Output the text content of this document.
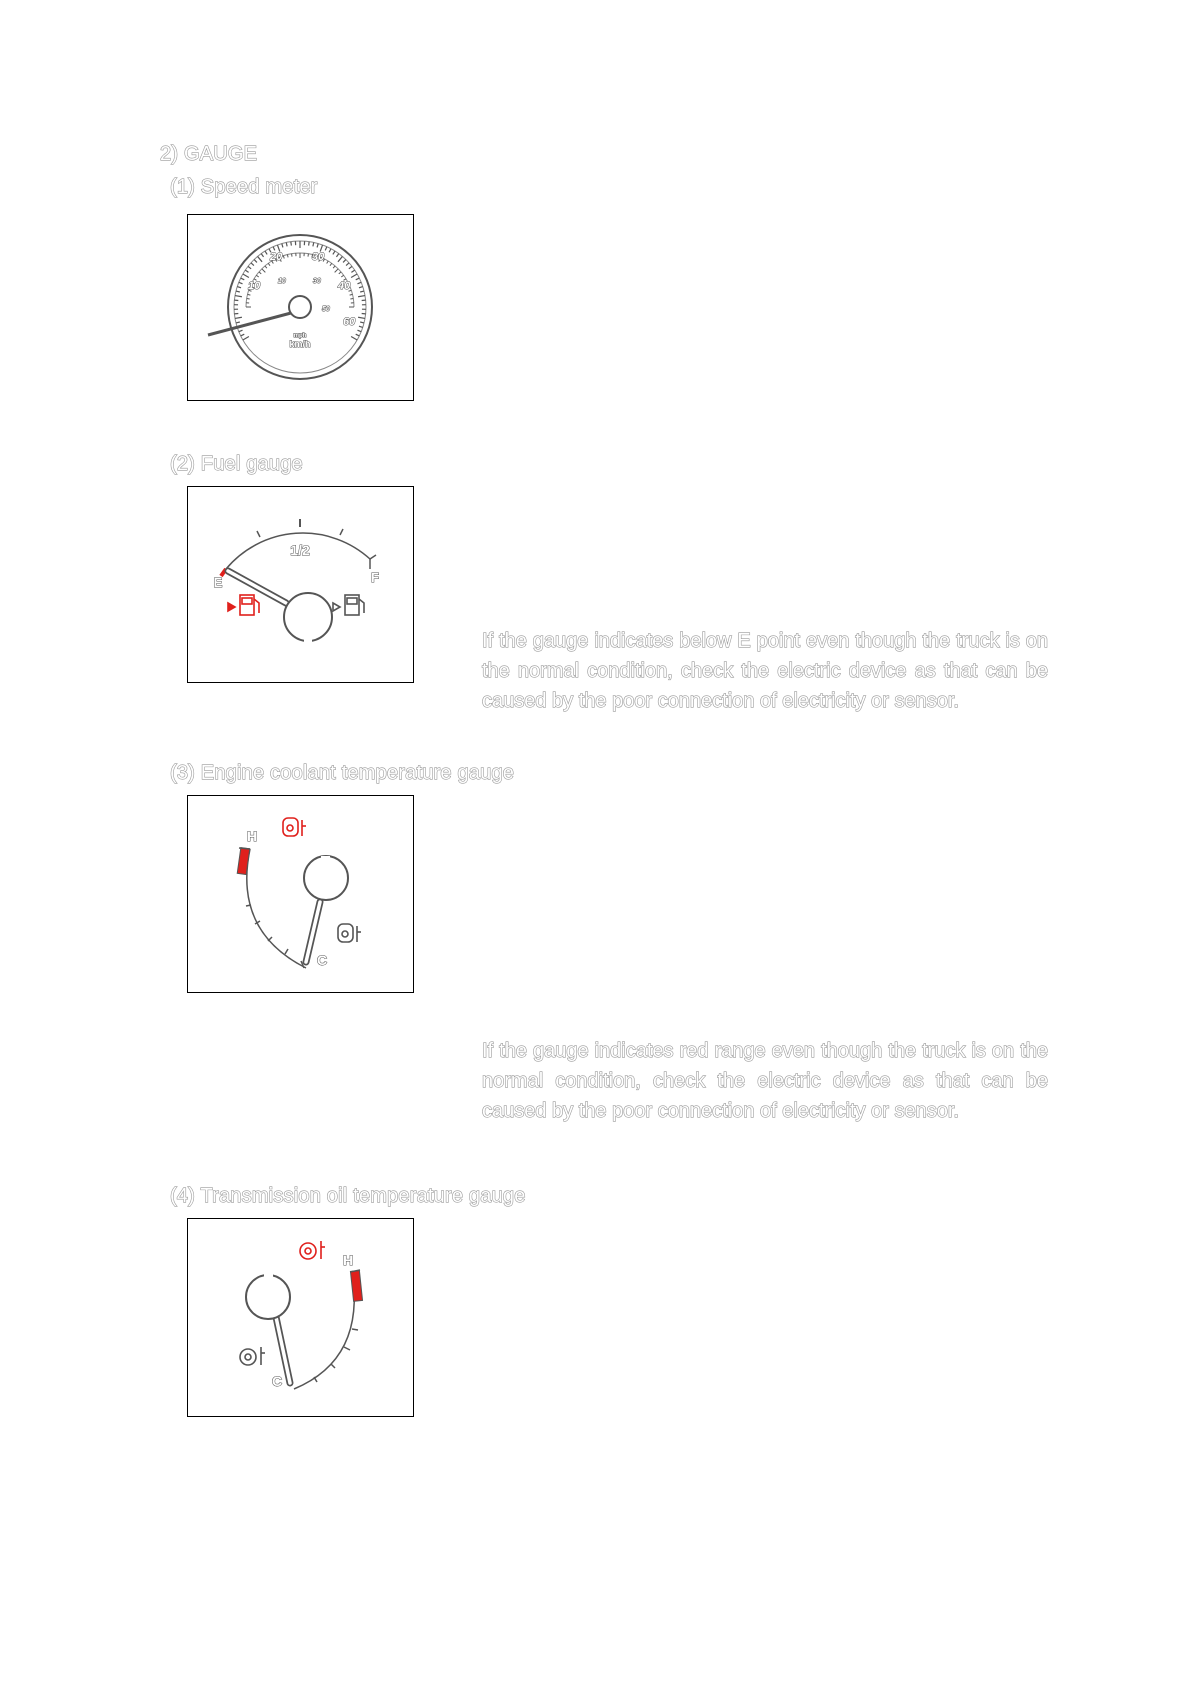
2) GAUGE
(1) Speed meter
10
20	30
40
60
10	30
50
mph
km/h
(2) Fuel gauge
1/2
E	F
If the gauge indicates below E point even though the truck is on the normal condition, check the electric device as that can be caused by the poor connection of electricity or sensor.
(3) Engine coolant temperature gauge
H
C
If the gauge indicates red range even though the truck is on the normal condition, check the electric device as that can be caused by the poor connection of electricity or sensor.
(4) Transmission oil temperature gauge
H
C
